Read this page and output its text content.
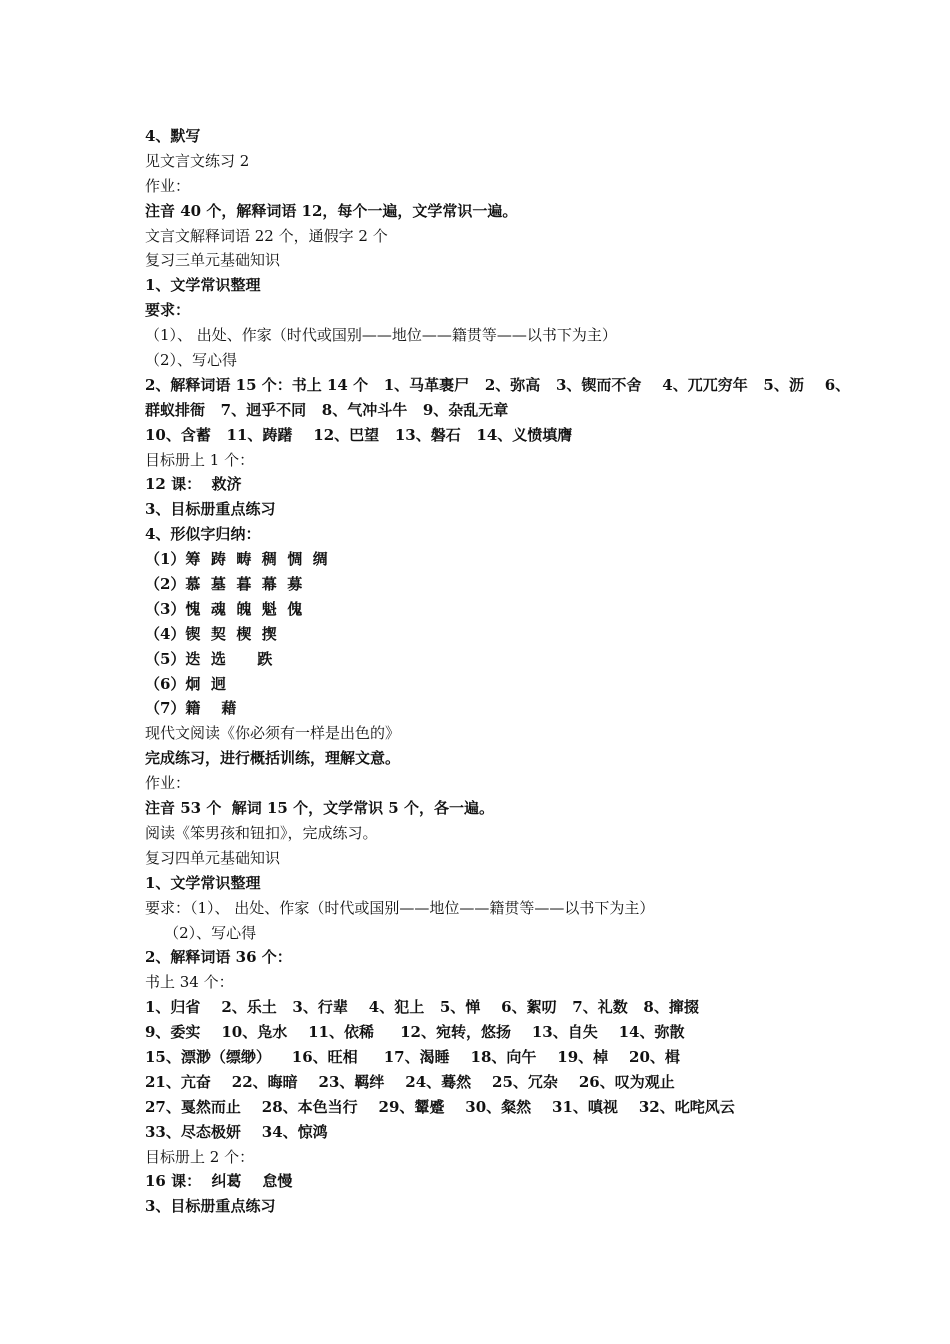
4、默写
见文言文练习 2
作业：
注音 40 个，解释词语 12，每个一遍，文学常识一遍。
文言文解释词语 22 个，通假字 2 个
复习三单元基础知识
1、文学常识整理
要求：
（1）、 出处、作家（时代或国别——地位——籍贯等——以书下为主）
（2）、写心得
2、解释词语 15 个：书上 14 个   1、马革裹尸   2、弥高   3、锲而不舍    4、兀兀穷年   5、沥    6、
群蚁排衙   7、迥乎不同   8、气冲斗牛   9、杂乱无章
10、含蓄   11、踌躇    12、巴望   13、磐石   14、义愤填膺
目标册上 1 个：
12 课：  救济
3、目标册重点练习
4、形似字归纳：
（1）筹  踌  畴  稠  惆  绸
（2）慕  墓  暮  幕  募
（3）愧  魂  魄  魁  傀
（4）锲  契  楔  揳
（5）迭  选      跌
（6）炯  迥
（7）籍    藉
现代文阅读《你必须有一样是出色的》
完成练习，进行概括训练，理解文意。
作业：
注音 53 个  解词 15 个，文学常识 5 个，各一遍。
阅读《笨男孩和钮扣》，完成练习。
复习四单元基础知识
1、文学常识整理
要求：（1）、 出处、作家（时代或国别——地位——籍贯等——以书下为主）
（2）、写心得
2、解释词语 36 个：
书上 34 个：
1、归省    2、乐土   3、行辈    4、犯上   5、惮    6、絮叨   7、礼数   8、撺掇
9、委实    10、凫水    11、依稀     12、宛转，悠扬    13、自失    14、弥散
15、漂渺（缥缈）    16、旺相     17、渴睡    18、向午    19、棹    20、楫
21、亢奋    22、晦暗    23、羁绊    24、蓦然    25、冗杂    26、叹为观止
27、戛然而止    28、本色当行    29、颦蹙    30、粲然    31、嗔视    32、叱咤风云
33、尽态极妍    34、惊鸿
目标册上 2 个：
16 课：  纠葛    怠慢
3、目标册重点练习
